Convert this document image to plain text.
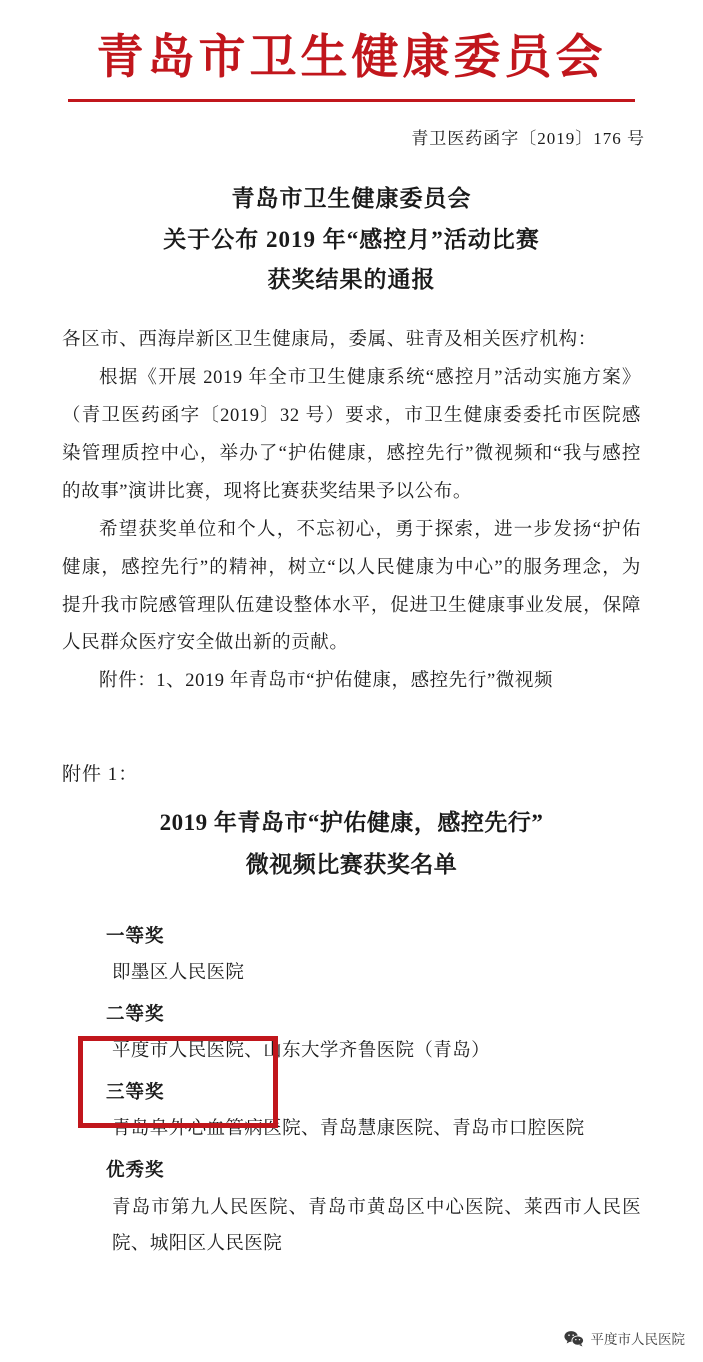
青岛市卫生健康委员会
青卫医药函字〔2019〕176 号
青岛市卫生健康委员会
关于公布 2019 年“感控月”活动比赛
获奖结果的通报

各区市、西海岸新区卫生健康局，委属、驻青及相关医疗机构：

根据《开展 2019 年全市卫生健康系统“感控月”活动实施方案》（青卫医药函字〔2019〕32 号）要求，市卫生健康委委托市医院感染管理质控中心，举办了“护佑健康，感控先行”微视频和“我与感控的故事”演讲比赛，现将比赛获奖结果予以公布。

希望获奖单位和个人，不忘初心，勇于探索，进一步发扬“护佑健康，感控先行”的精神，树立“以人民健康为中心”的服务理念，为提升我市院感管理队伍建设整体水平，促进卫生健康事业发展，保障人民群众医疗安全做出新的贡献。

附件：1、2019 年青岛市“护佑健康，感控先行”微视频

附件 1：
2019 年青岛市“护佑健康，感控先行”
微视频比赛获奖名单
一等奖
即墨区人民医院
二等奖
平度市人民医院、山东大学齐鲁医院（青岛）
三等奖
青岛阜外心血管病医院、青岛慧康医院、青岛市口腔医院
优秀奖
青岛市第九人民医院、青岛市黄岛区中心医院、莱西市人民医院、城阳区人民医院
平度市人民医院
